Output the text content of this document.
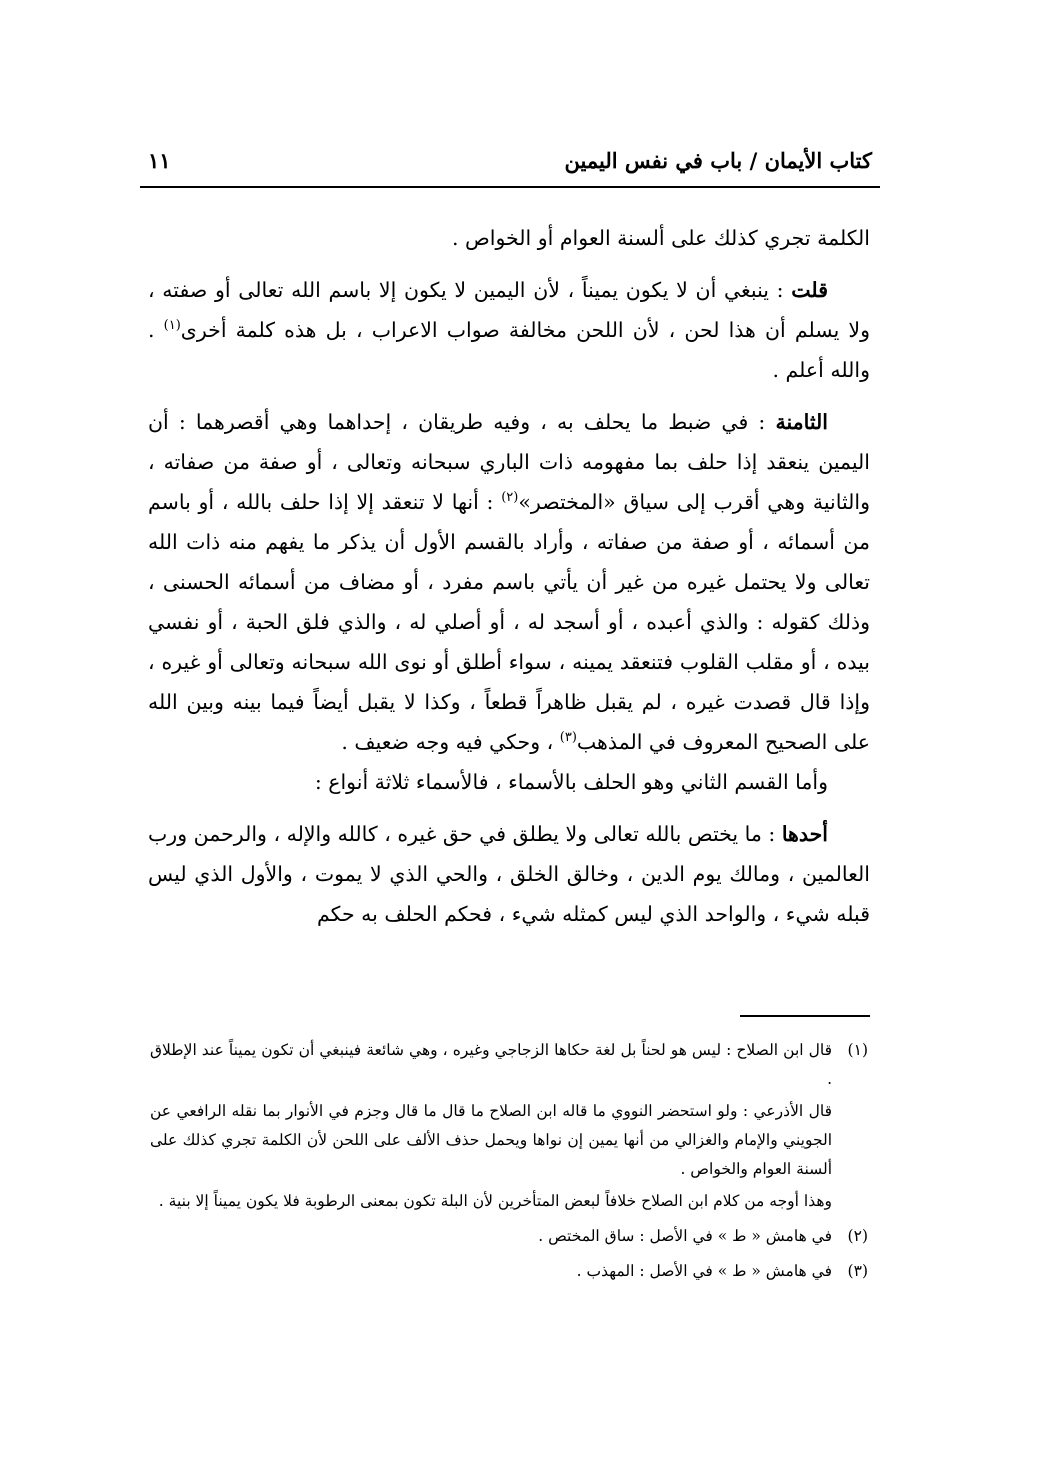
كتاب الأيمان / باب في نفس اليمين
١١

الكلمة تجري كذلك على ألسنة العوام أو الخواص .

قلت : ينبغي أن لا يكون يميناً ، لأن اليمين لا يكون إلا باسم الله تعالى أو صفته ، ولا يسلم أن هذا لحن ، لأن اللحن مخالفة صواب الاعراب ، بل هذه كلمة أخرى$^{(١)}$ . والله أعلم .

الثامنة : في ضبط ما يحلف به ، وفيه طريقان ، إحداهما وهي أقصرهما : أن اليمين ينعقد إذا حلف بما مفهومه ذات الباري سبحانه وتعالى ، أو صفة من صفاته ، والثانية وهي أقرب إلى سياق «المختصر»$^{(٢)}$ : أنها لا تنعقد إلا إذا حلف بالله ، أو باسم من أسمائه ، أو صفة من صفاته ، وأراد بالقسم الأول أن يذكر ما يفهم منه ذات الله تعالى ولا يحتمل غيره من غير أن يأتي باسم مفرد ، أو مضاف من أسمائه الحسنى ، وذلك كقوله : والذي أعبده ، أو أسجد له ، أو أصلي له ، والذي فلق الحبة ، أو نفسي بيده ، أو مقلب القلوب فتنعقد يمينه ، سواء أطلق أو نوى الله سبحانه وتعالى أو غيره ، وإذا قال قصدت غيره ، لم يقبل ظاهراً قطعاً ، وكذا لا يقبل أيضاً فيما بينه وبين الله على الصحيح المعروف في المذهب$^{(٣)}$ ، وحكي فيه وجه ضعيف .

وأما القسم الثاني وهو الحلف بالأسماء ، فالأسماء ثلاثة أنواع :

أحدها : ما يختص بالله تعالى ولا يطلق في حق غيره ، كالله والإله ، والرحمن ورب العالمين ، ومالك يوم الدين ، وخالق الخلق ، والحي الذي لا يموت ، والأول الذي ليس قبله شيء ، والواحد الذي ليس كمثله شيء ، فحكم الحلف به حكم

(١)

قال ابن الصلاح : ليس هو لحناً بل لغة حكاها الزجاجي وغيره ، وهي شائعة فينبغي أن تكون يميناً عند الإطلاق .

قال الأذرعي : ولو استحضر النووي ما قاله ابن الصلاح ما قال ما قال وجزم في الأنوار بما نقله الرافعي عن الجويني والإمام والغزالي من أنها يمين إن نواها ويحمل حذف الألف على اللحن لأن الكلمة تجري كذلك على ألسنة العوام والخواص .

وهذا أوجه من كلام ابن الصلاح خلافاً لبعض المتأخرين لأن البلة تكون بمعنى الرطوبة فلا يكون يميناً إلا بنية .

(٢)

في هامش « ط » في الأصل : ساق المختص .

(٣)

في هامش « ط » في الأصل : المهذب .
